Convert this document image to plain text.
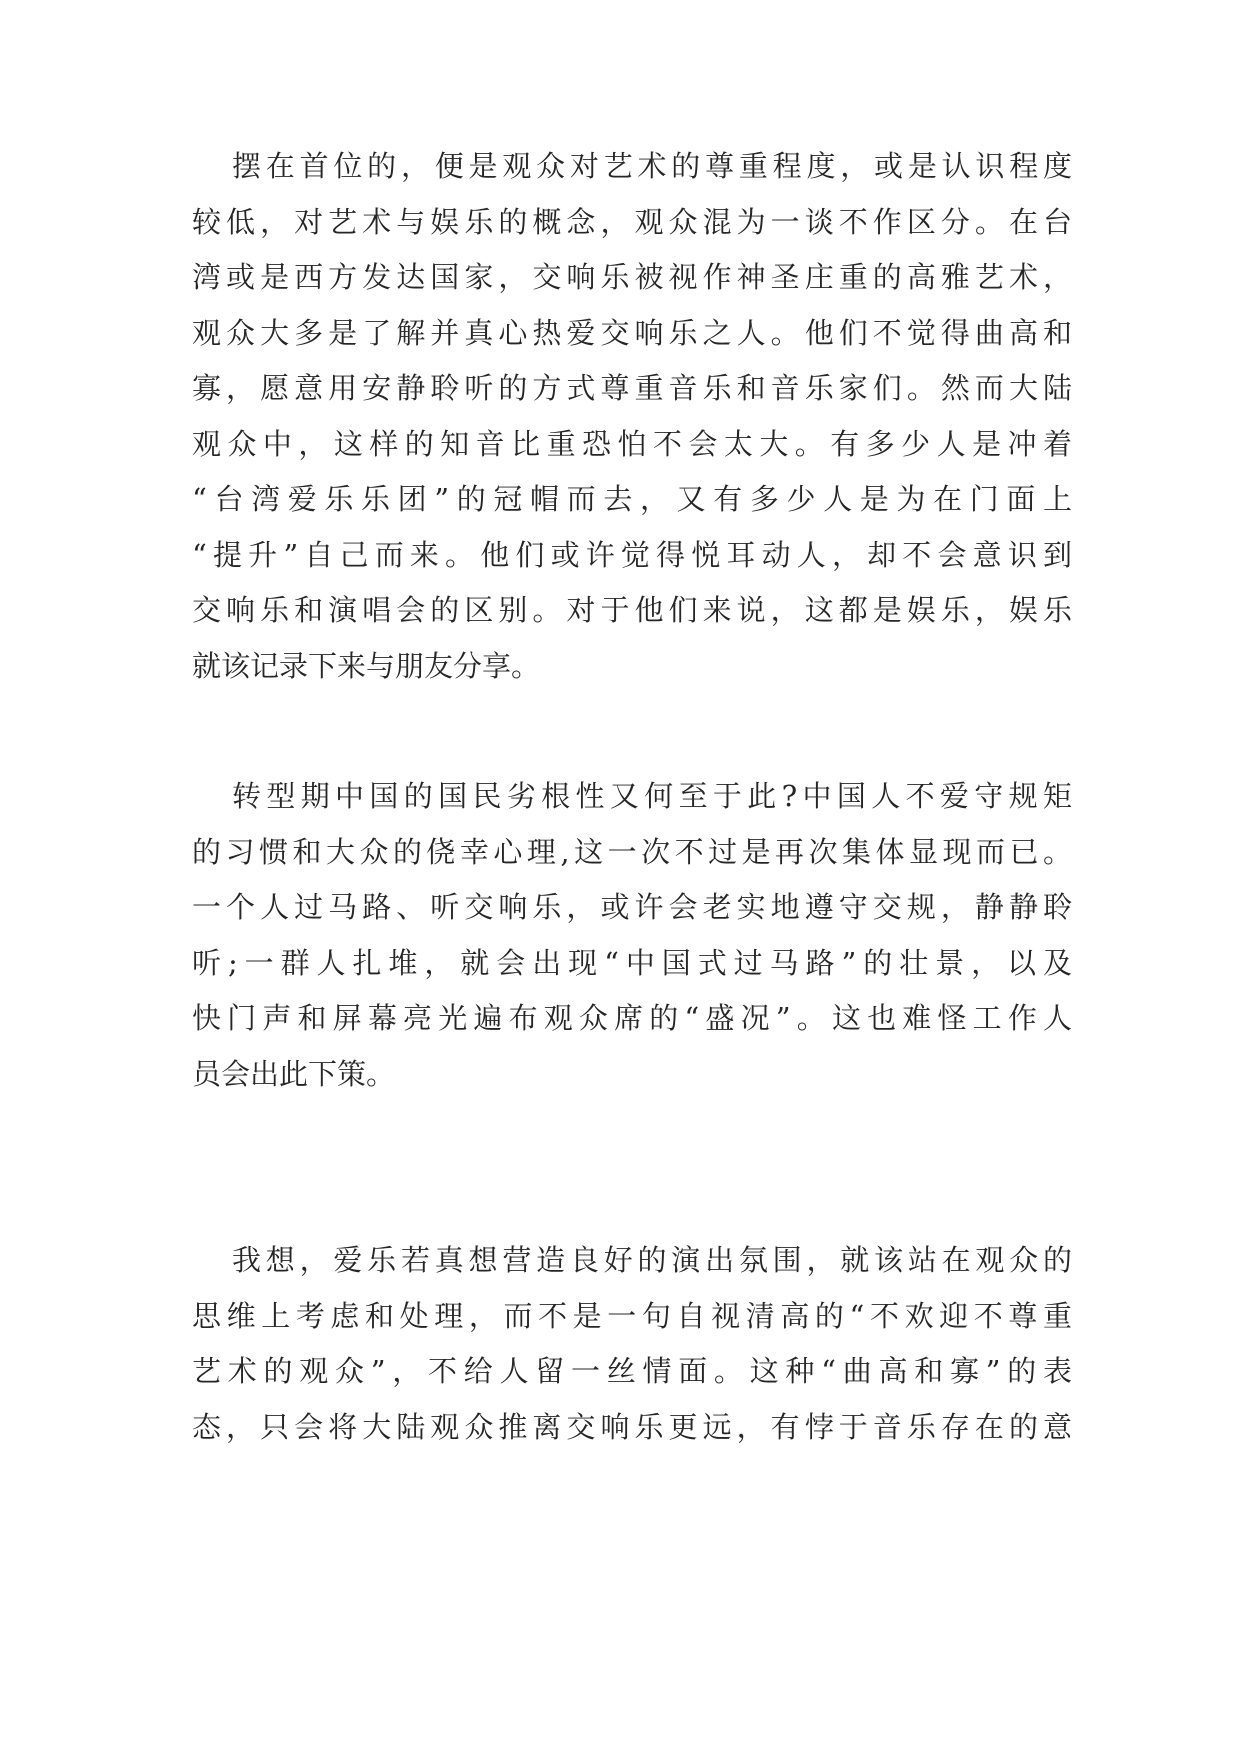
摆在首位的，便是观众对艺术的尊重程度，或是认识程度
较低，对艺术与娱乐的概念，观众混为一谈不作区分。在台
湾或是西方发达国家，交响乐被视作神圣庄重的高雅艺术，
观众大多是了解并真心热爱交响乐之人。他们不觉得曲高和
寡，愿意用安静聆听的方式尊重音乐和音乐家们。然而大陆
观众中，这样的知音比重恐怕不会太大。有多少人是冲着
“台湾爱乐乐团”的冠帽而去，又有多少人是为在门面上
“提升”自己而来。他们或许觉得悦耳动人，却不会意识到
交响乐和演唱会的区别。对于他们来说，这都是娱乐，娱乐
就该记录下来与朋友分享。
转型期中国的国民劣根性又何至于此?中国人不爱守规矩
的习惯和大众的侥幸心理,这一次不过是再次集体显现而已。
一个人过马路、听交响乐，或许会老实地遵守交规，静静聆
听;一群人扎堆，就会出现“中国式过马路”的壮景，以及
快门声和屏幕亮光遍布观众席的“盛况”。这也难怪工作人
员会出此下策。
我想，爱乐若真想营造良好的演出氛围，就该站在观众的
思维上考虑和处理，而不是一句自视清高的“不欢迎不尊重
艺术的观众”，不给人留一丝情面。这种“曲高和寡”的表
态，只会将大陆观众推离交响乐更远，有悖于音乐存在的意
